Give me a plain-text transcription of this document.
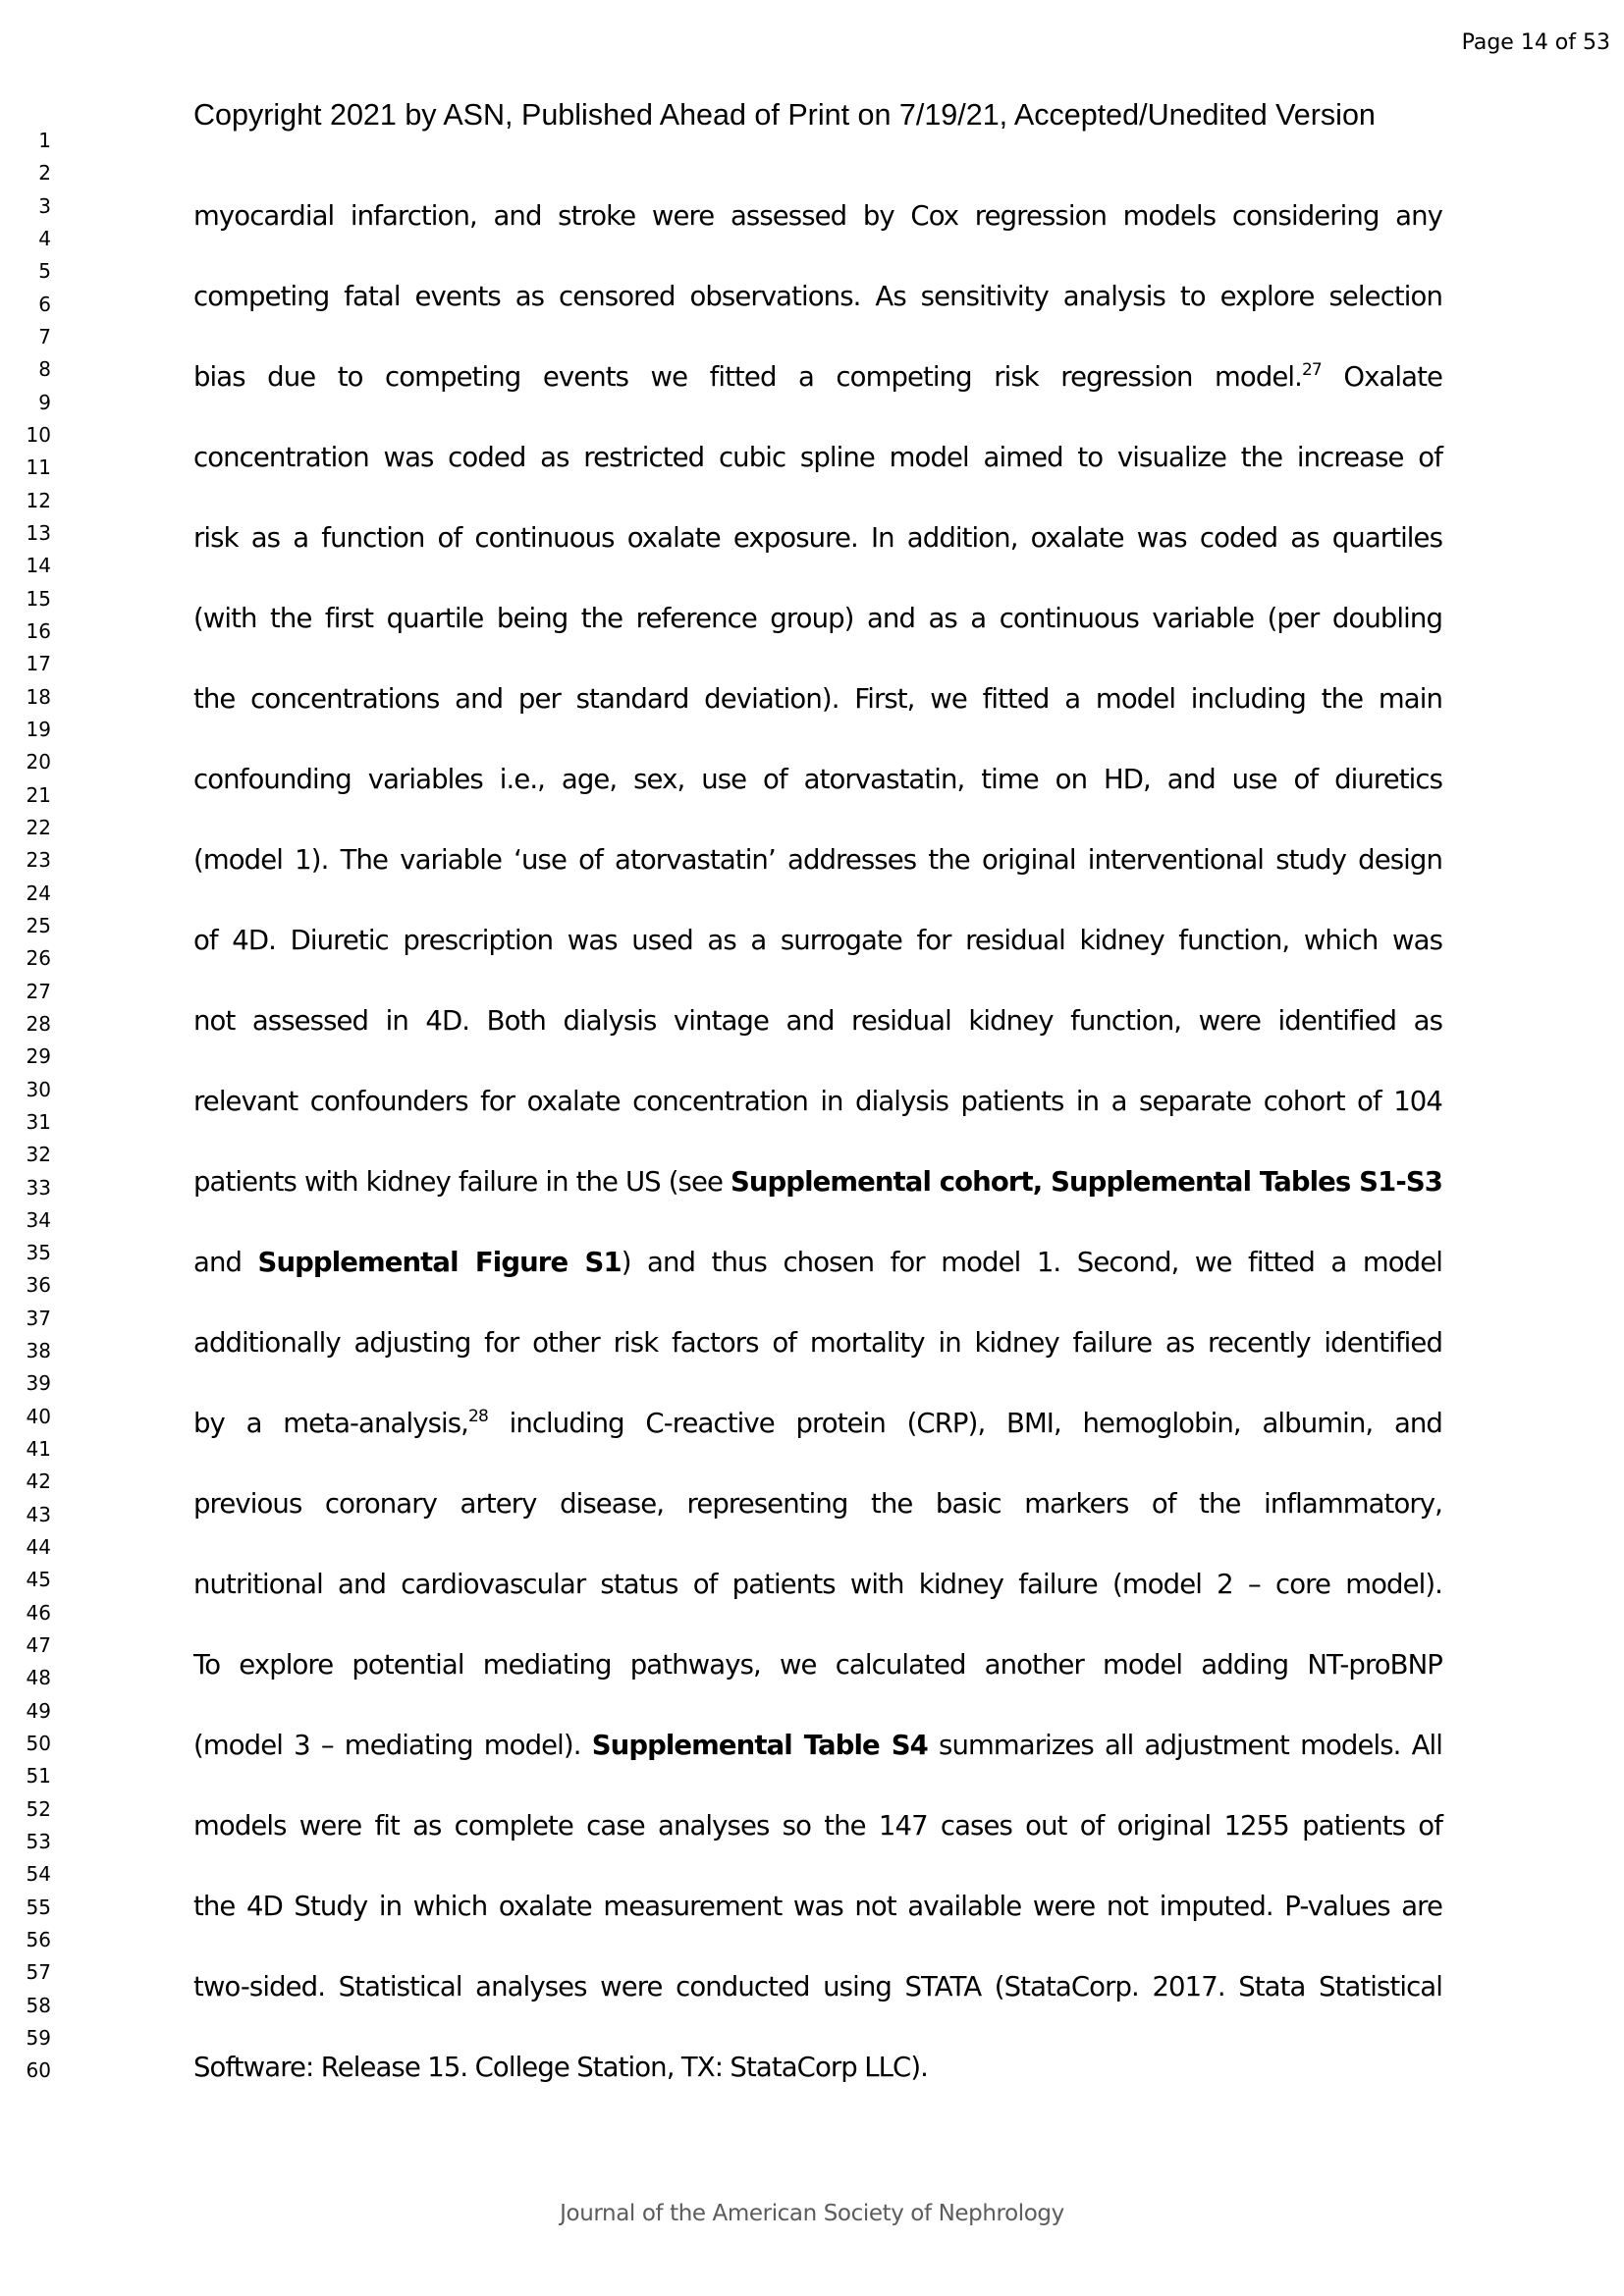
Page 14 of 53
Copyright 2021 by ASN, Published Ahead of Print on 7/19/21, Accepted/Unedited Version
1
2
3
4
5
6
7
8
9
10
11
12
13
14
15
16
17
18
19
20
21
22
23
24
25
26
27
28
29
30
31
32
33
34
35
36
37
38
39
40
41
42
43
44
45
46
47
48
49
50
51
52
53
54
55
56
57
58
59
60
myocardial infarction, and stroke were assessed by Cox regression models considering any
competing fatal events as censored observations. As sensitivity analysis to explore selection
bias due to competing events we fitted a competing risk regression model.$^{27}$ Oxalate
concentration was coded as restricted cubic spline model aimed to visualize the increase of
risk as a function of continuous oxalate exposure. In addition, oxalate was coded as quartiles
(with the first quartile being the reference group) and as a continuous variable (per doubling
the concentrations and per standard deviation). First, we fitted a model including the main
confounding variables i.e., age, sex, use of atorvastatin, time on HD, and use of diuretics
(model 1). The variable ‘use of atorvastatin’ addresses the original interventional study design
of 4D. Diuretic prescription was used as a surrogate for residual kidney function, which was
not assessed in 4D. Both dialysis vintage and residual kidney function, were identified as
relevant confounders for oxalate concentration in dialysis patients in a separate cohort of 104
patients with kidney failure in the US (see Supplemental cohort, Supplemental Tables S1-S3
and Supplemental Figure S1) and thus chosen for model 1. Second, we fitted a model
additionally adjusting for other risk factors of mortality in kidney failure as recently identified
by a meta-analysis,$^{28}$ including C-reactive protein (CRP), BMI, hemoglobin, albumin, and
previous coronary artery disease, representing the basic markers of the inflammatory,
nutritional and cardiovascular status of patients with kidney failure (model 2 – core model).
To explore potential mediating pathways, we calculated another model adding NT-proBNP
(model 3 – mediating model). Supplemental Table S4 summarizes all adjustment models. All
models were fit as complete case analyses so the 147 cases out of original 1255 patients of
the 4D Study in which oxalate measurement was not available were not imputed. P-values are
two-sided. Statistical analyses were conducted using STATA (StataCorp. 2017. Stata Statistical
Software: Release 15. College Station, TX: StataCorp LLC).
Journal of the American Society of Nephrology
